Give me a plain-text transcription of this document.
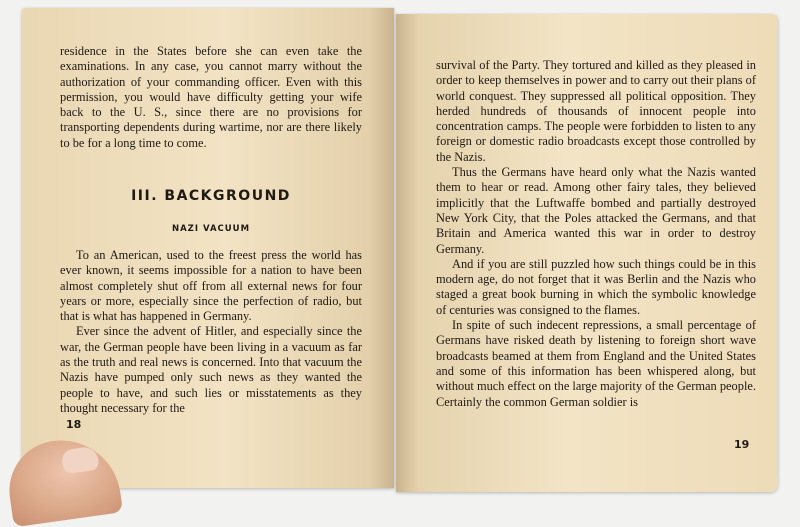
residence in the States before she can even take the examinations. In any case, you cannot marry without the authorization of your commanding officer. Even with this permission, you would have difficulty getting your wife back to the U. S., since there are no provisions for transporting dependents during wartime, nor are there likely to be for a long time to come.

III. BACKGROUND
NAZI VACUUM

To an American, used to the freest press the world has ever known, it seems impossible for a nation to have been almost completely shut off from all external news for four years or more, especially since the perfection of radio, but that is what has happened in Germany.

Ever since the advent of Hitler, and especially since the war, the German people have been living in a vacuum as far as the truth and real news is concerned. Into that vacuum the Nazis have pumped only such news as they wanted the people to have, and such lies or misstatements as they thought necessary for the

18

survival of the Party. They tortured and killed as they pleased in order to keep themselves in power and to carry out their plans of world conquest. They suppressed all political opposition. They herded hundreds of thousands of innocent people into concentration camps. The people were forbidden to listen to any foreign or domestic radio broadcasts except those controlled by the Nazis.

Thus the Germans have heard only what the Nazis wanted them to hear or read. Among other fairy tales, they believed implicitly that the Luftwaffe bombed and partially destroyed New York City, that the Poles attacked the Germans, and that Britain and America wanted this war in order to destroy Germany.

And if you are still puzzled how such things could be in this modern age, do not forget that it was Berlin and the Nazis who staged a great book burning in which the symbolic knowledge of centuries was consigned to the flames.

In spite of such indecent repressions, a small percentage of Germans have risked death by listening to foreign short wave broadcasts beamed at them from England and the United States and some of this information has been whispered along, but without much effect on the large majority of the German people. Certainly the common German soldier is

19
